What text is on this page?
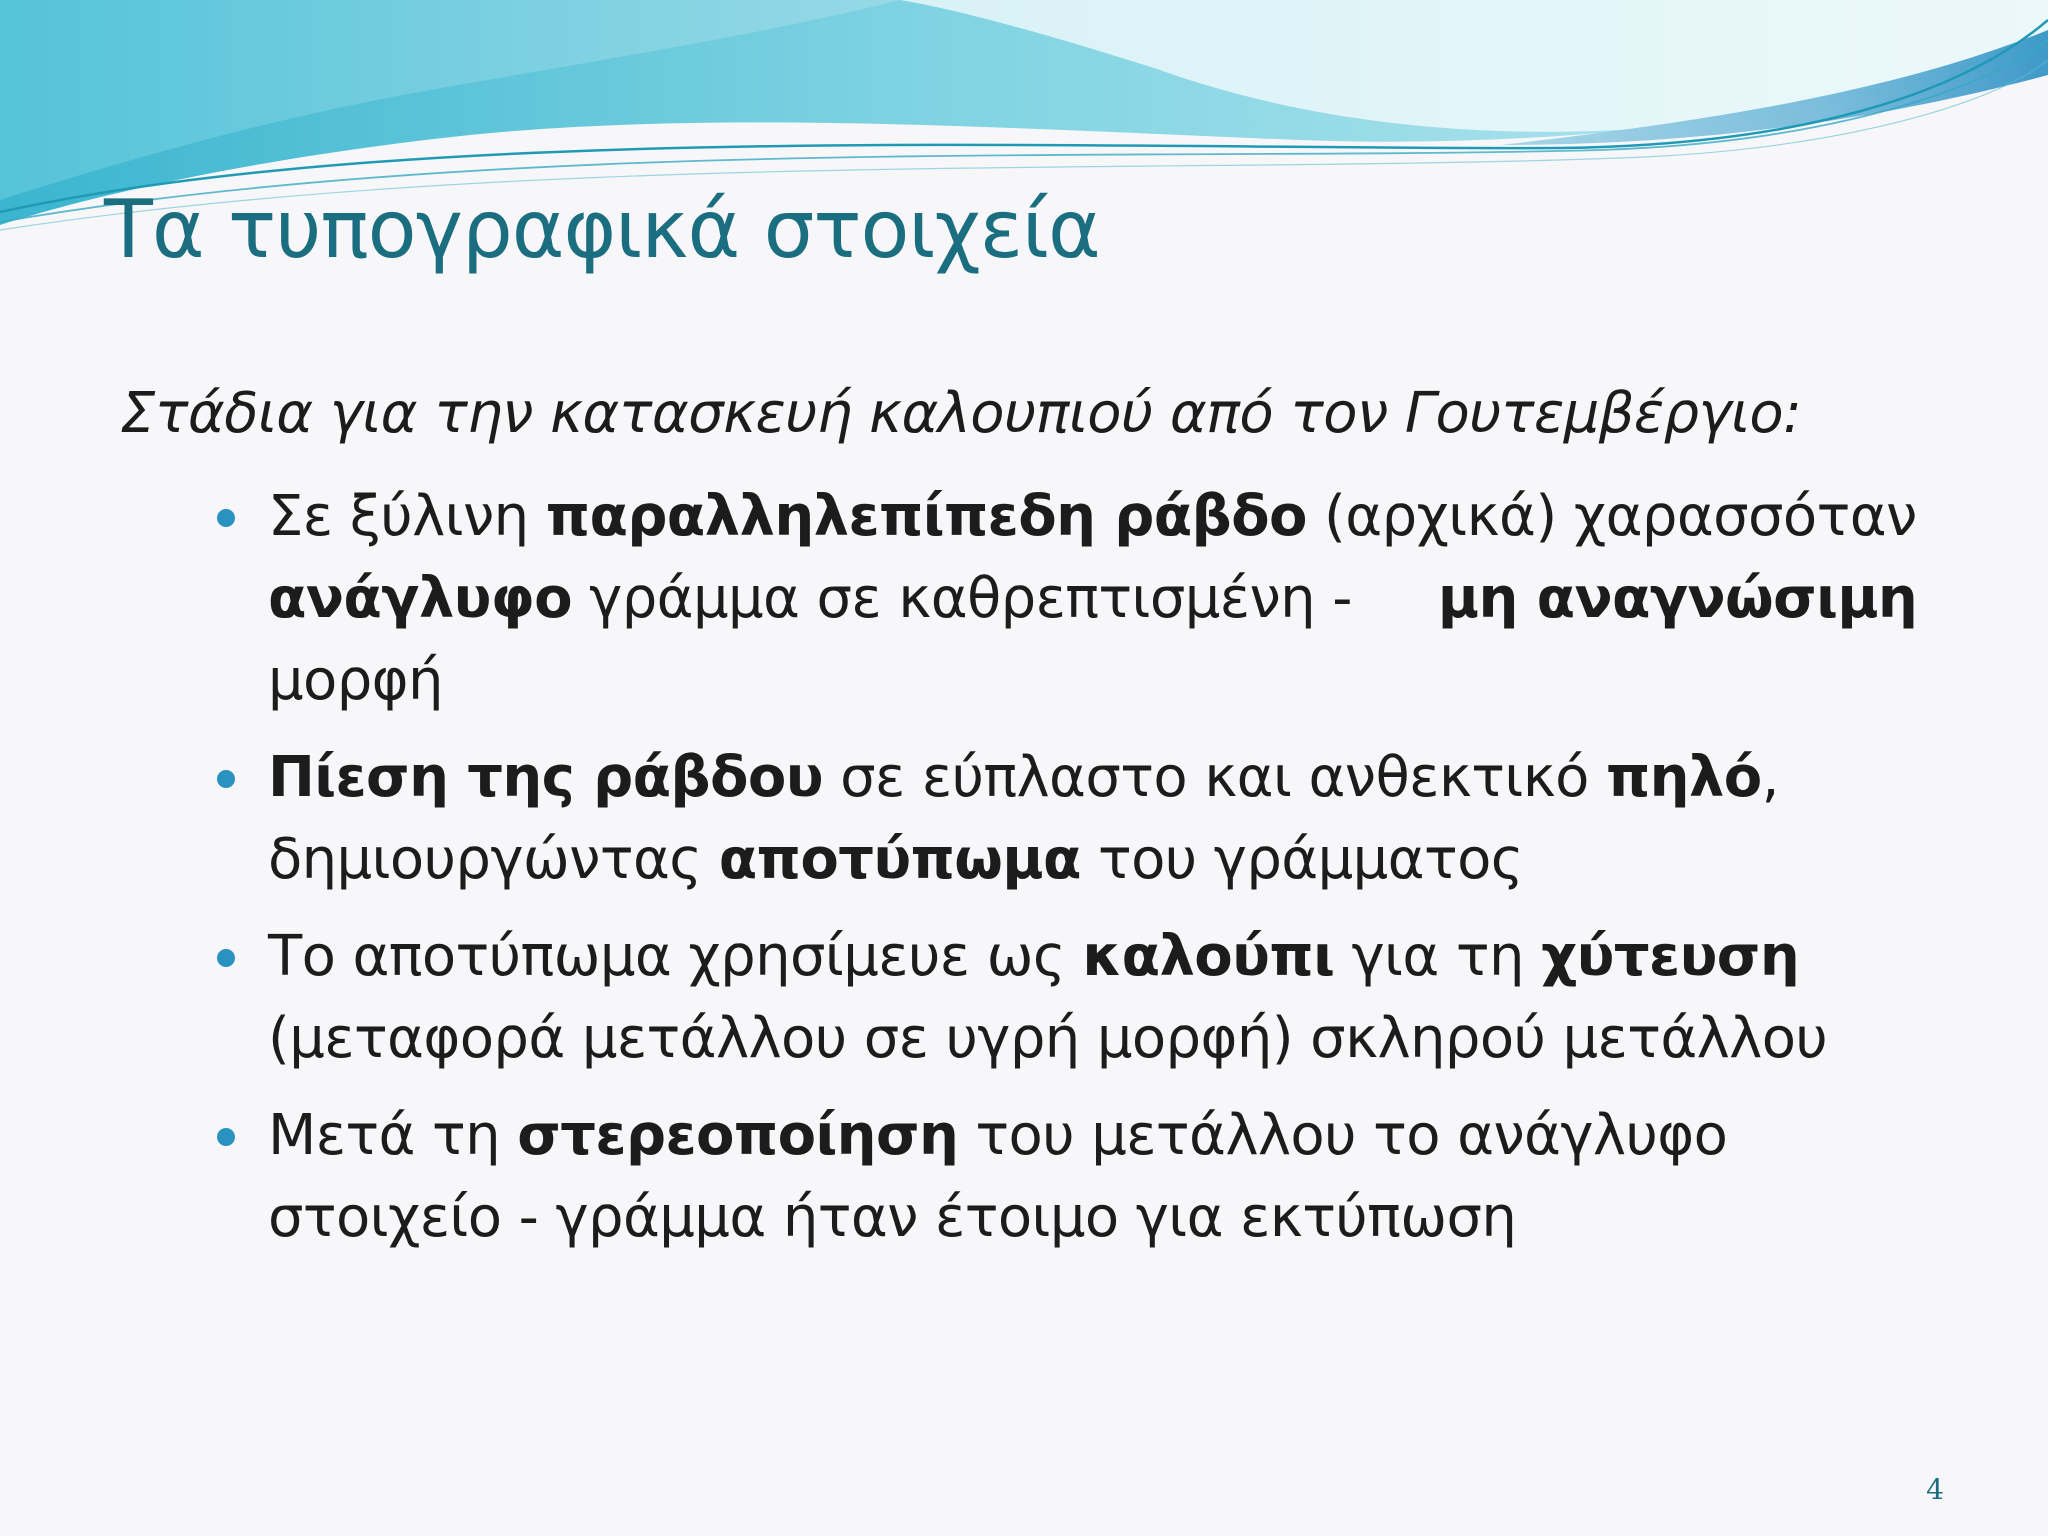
Τα τυπογραφικά στοιχεία

Στάδια για την κατασκευή καλουπιού από τον Γουτεμβέργιο:

Σε ξύλινη παραλληλεπίπεδη ράβδο (αρχικά) χαρασσόταν
ανάγλυφο γράμμα σε καθρεπτισμένη - μη αναγνώσιμη
μορφή
Πίεση της ράβδου σε εύπλαστο και ανθεκτικό πηλό,
δημιουργώντας αποτύπωμα του γράμματος
Το αποτύπωμα χρησίμευε ως καλούπι για τη χύτευση
(μεταφορά μετάλλου σε υγρή μορφή) σκληρού μετάλλου
Μετά τη στερεοποίηση του μετάλλου το ανάγλυφο
στοιχείο - γράμμα ήταν έτοιμο για εκτύπωση
4
